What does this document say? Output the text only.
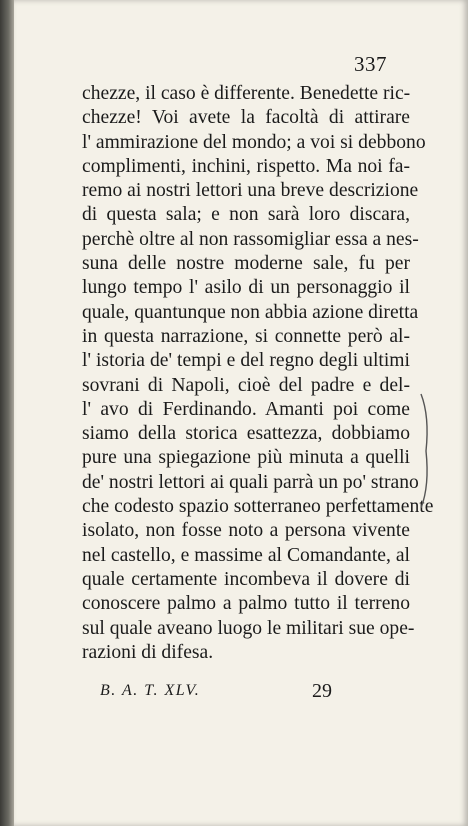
337
chezze, il caso è differente. Benedette ric-
chezze! Voi avete la facoltà di attirare
l' ammirazione del mondo; a voi si debbono
complimenti, inchini, rispetto. Ma noi fa-
remo ai nostri lettori una breve descrizione
di questa sala; e non sarà loro discara,
perchè oltre al non rassomigliar essa a nes-
suna delle nostre moderne sale, fu per
lungo tempo l' asilo di un personaggio il
quale, quantunque non abbia azione diretta
in questa narrazione, si connette però al-
l' istoria de' tempi e del regno degli ultimi
sovrani di Napoli, cioè del padre e del-
l' avo di Ferdinando. Amanti poi come
siamo della storica esattezza, dobbiamo
pure una spiegazione più minuta a quelli
de' nostri lettori ai quali parrà un po' strano
che codesto spazio sotterraneo perfettamente
isolato, non fosse noto a persona vivente
nel castello, e massime al Comandante, al
quale certamente incombeva il dovere di
conoscere palmo a palmo tutto il terreno
sul quale aveano luogo le militari sue ope-
razioni di difesa.
B. A. T. XLV.	29
